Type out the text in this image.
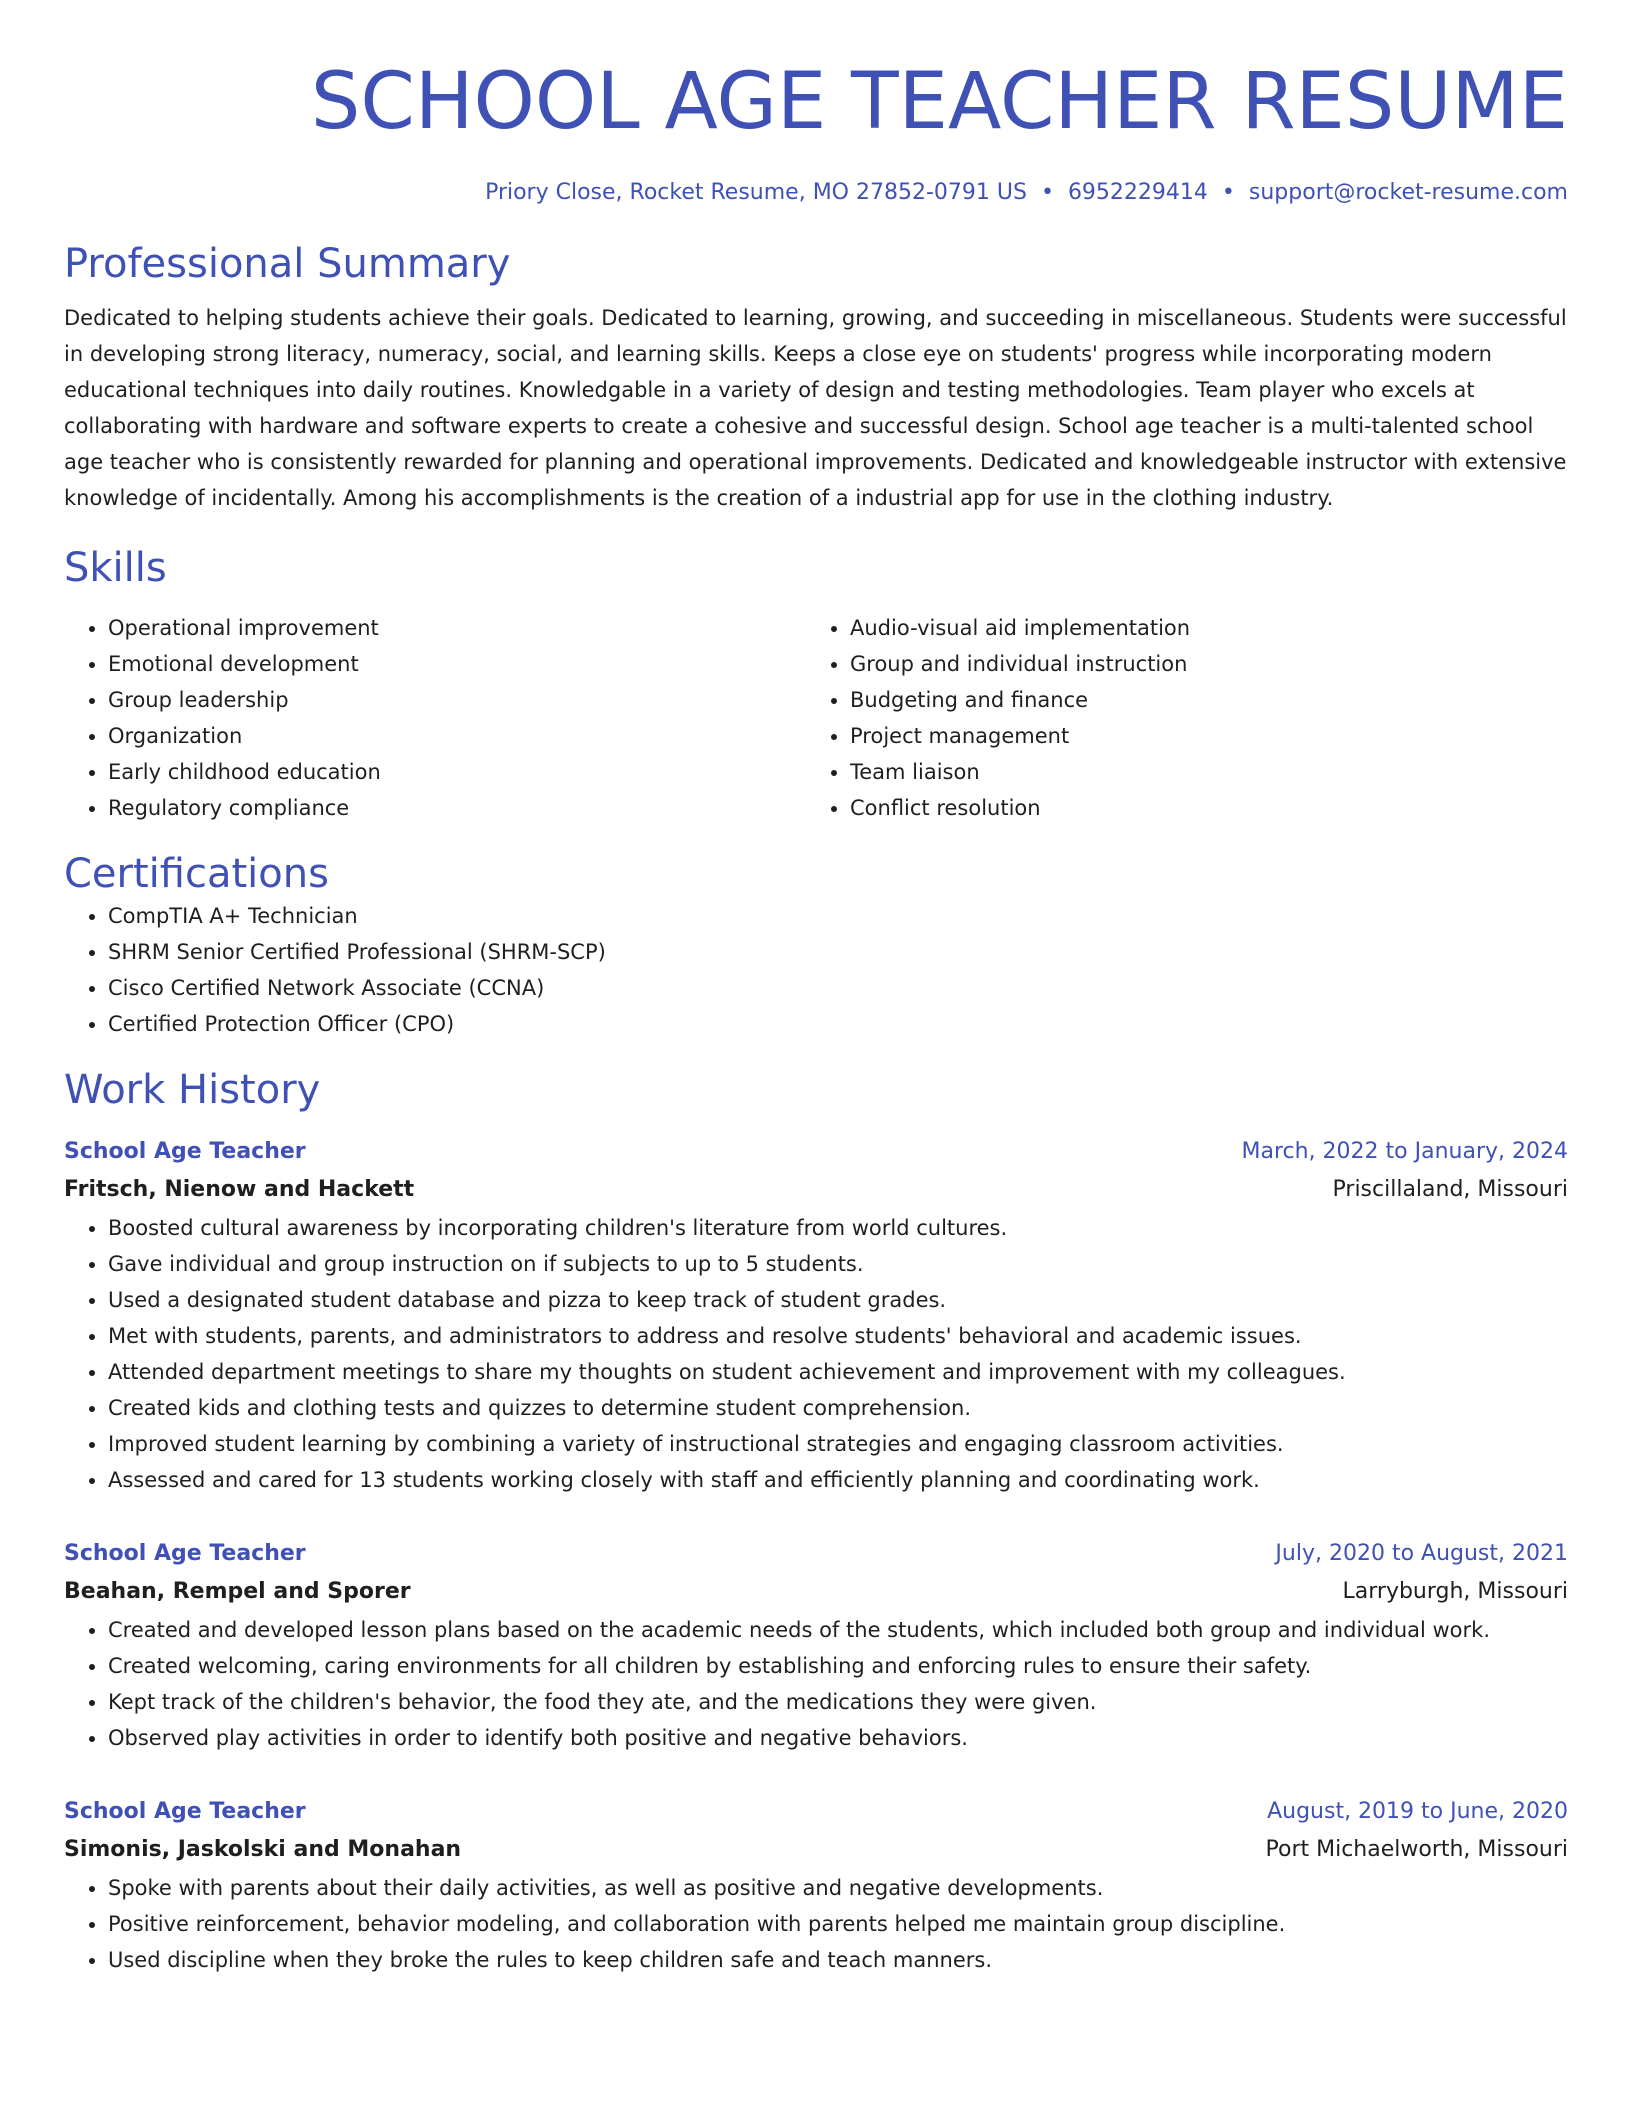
SCHOOL AGE TEACHER RESUME
Priory Close, Rocket Resume, MO 27852-0791 US • 6952229414 • support@rocket-resume.com
Professional Summary

Dedicated to helping students achieve their goals. Dedicated to learning, growing, and succeeding in miscellaneous. Students were successful in developing strong literacy, numeracy, social, and learning skills. Keeps a close eye on students' progress while incorporating modern educational techniques into daily routines. Knowledgable in a variety of design and testing methodologies. Team player who excels at collaborating with hardware and software experts to create a cohesive and successful design. School age teacher is a multi-talented school age teacher who is consistently rewarded for planning and operational improvements. Dedicated and knowledgeable instructor with extensive knowledge of incidentally. Among his accomplishments is the creation of a industrial app for use in the clothing industry.

Skills
• Operational improvement
• Emotional development
• Group leadership
• Organization
• Early childhood education
• Regulatory compliance
• Audio-visual aid implementation
• Group and individual instruction
• Budgeting and finance
• Project management
• Team liaison
• Conflict resolution
Certifications
• CompTIA A+ Technician
• SHRM Senior Certified Professional (SHRM-SCP)
• Cisco Certified Network Associate (CCNA)
• Certified Protection Officer (CPO)
Work History
School Age Teacher	March, 2022 to January, 2024
Fritsch, Nienow and Hackett	Priscillaland, Missouri
• Boosted cultural awareness by incorporating children's literature from world cultures.
• Gave individual and group instruction on if subjects to up to 5 students.
• Used a designated student database and pizza to keep track of student grades.
• Met with students, parents, and administrators to address and resolve students' behavioral and academic issues.
• Attended department meetings to share my thoughts on student achievement and improvement with my colleagues.
• Created kids and clothing tests and quizzes to determine student comprehension.
• Improved student learning by combining a variety of instructional strategies and engaging classroom activities.
• Assessed and cared for 13 students working closely with staff and efficiently planning and coordinating work.
School Age Teacher	July, 2020 to August, 2021
Beahan, Rempel and Sporer	Larryburgh, Missouri
• Created and developed lesson plans based on the academic needs of the students, which included both group and individual work.
• Created welcoming, caring environments for all children by establishing and enforcing rules to ensure their safety.
• Kept track of the children's behavior, the food they ate, and the medications they were given.
• Observed play activities in order to identify both positive and negative behaviors.
School Age Teacher	August, 2019 to June, 2020
Simonis, Jaskolski and Monahan	Port Michaelworth, Missouri
• Spoke with parents about their daily activities, as well as positive and negative developments.
• Positive reinforcement, behavior modeling, and collaboration with parents helped me maintain group discipline.
• Used discipline when they broke the rules to keep children safe and teach manners.
